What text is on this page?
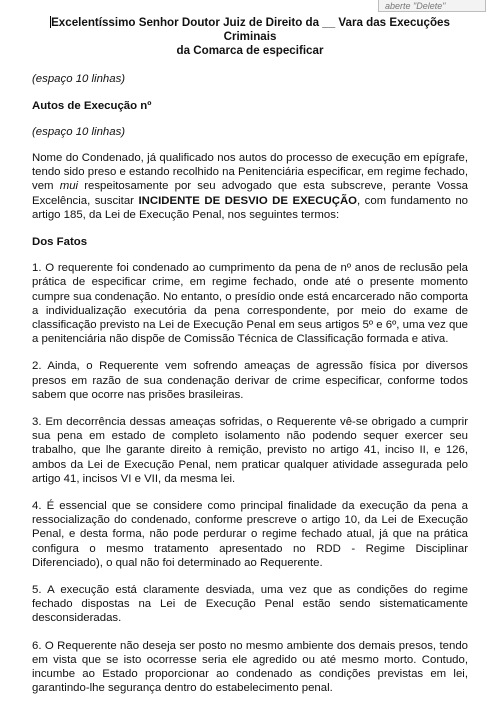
aberte "Delete"

Excelentíssimo Senhor Doutor Juiz de Direito da __ Vara das Execuções Criminais
da Comarca de especificar

(espaço 10 linhas)

Autos de Execução nº

(espaço 10 linhas)

Nome do Condenado, já qualificado nos autos do processo de execução em epígrafe, tendo sido preso e estando recolhido na Penitenciária especificar, em regime fechado, vem mui respeitosamente por seu advogado que esta subscreve, perante Vossa Excelência, suscitar INCIDENTE DE DESVIO DE EXECUÇÃO, com fundamento no artigo 185, da Lei de Execução Penal, nos seguintes termos:

Dos Fatos

1. O requerente foi condenado ao cumprimento da pena de nº anos de reclusão pela prática de especificar crime, em regime fechado, onde até o presente momento cumpre sua condenação. No entanto, o presídio onde está encarcerado não comporta a individualização executória da pena correspondente, por meio do exame de classificação previsto na Lei de Execução Penal em seus artigos 5º e 6º, uma vez que a penitenciária não dispõe de Comissão Técnica de Classificação formada e ativa.

2. Ainda, o Requerente vem sofrendo ameaças de agressão física por diversos presos em razão de sua condenação derivar de crime especificar, conforme todos sabem que ocorre nas prisões brasileiras.

3. Em decorrência dessas ameaças sofridas, o Requerente vê-se obrigado a cumprir sua pena em estado de completo isolamento não podendo sequer exercer seu trabalho, que lhe garante direito à remição, previsto no artigo 41, inciso II, e 126, ambos da Lei de Execução Penal, nem praticar qualquer atividade assegurada pelo artigo 41, incisos VI e VII, da mesma lei.

4. É essencial que se considere como principal finalidade da execução da pena a ressocialização do condenado, conforme prescreve o artigo 10, da Lei de Execução Penal, e desta forma, não pode perdurar o regime fechado atual, já que na prática configura o mesmo tratamento apresentado no RDD - Regime Disciplinar Diferenciado), o qual não foi determinado ao Requerente.

5. A execução está claramente desviada, uma vez que as condições do regime fechado dispostas na Lei de Execução Penal estão sendo sistematicamente desconsideradas.

6. O Requerente não deseja ser posto no mesmo ambiente dos demais presos, tendo em vista que se isto ocorresse seria ele agredido ou até mesmo morto. Contudo, incumbe ao Estado proporcionar ao condenado as condições previstas em lei, garantindo-lhe segurança dentro do estabelecimento penal.
